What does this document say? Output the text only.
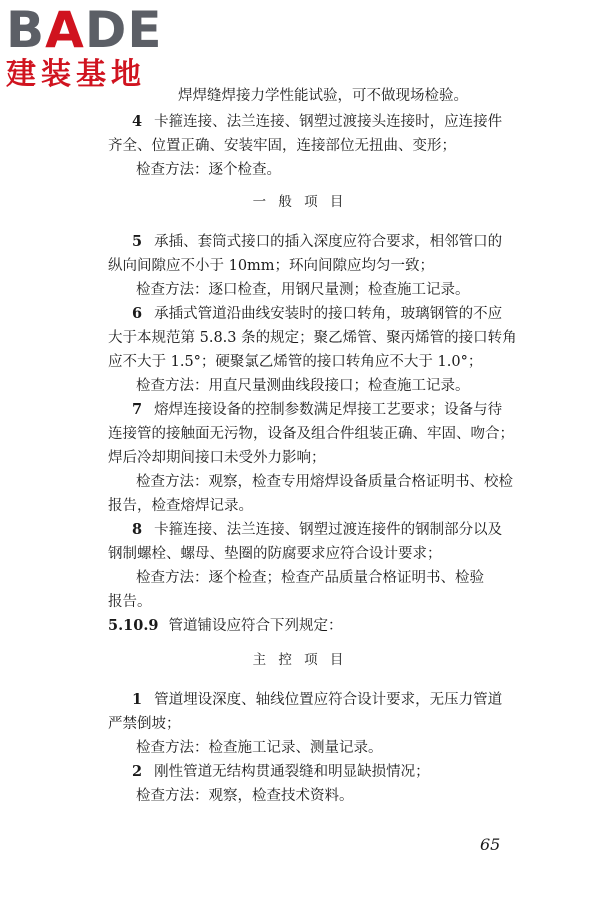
BADE
建装基地
焊焊缝焊接力学性能试验，可不做现场检验。
4 卡箍连接、法兰连接、钢塑过渡接头连接时，应连接件
齐全、位置正确、安装牢固，连接部位无扭曲、变形；
检查方法：逐个检查。
一 般 项 目
5 承插、套筒式接口的插入深度应符合要求，相邻管口的
纵向间隙应不小于 10mm；环向间隙应均匀一致；
检查方法：逐口检查，用钢尺量测；检查施工记录。
6 承插式管道沿曲线安装时的接口转角，玻璃钢管的不应
大于本规范第 5.8.3 条的规定；聚乙烯管、聚丙烯管的接口转角
应不大于 1.5°；硬聚氯乙烯管的接口转角应不大于 1.0°；
检查方法：用直尺量测曲线段接口；检查施工记录。
7 熔焊连接设备的控制参数满足焊接工艺要求；设备与待
连接管的接触面无污物，设备及组合件组装正确、牢固、吻合；
焊后冷却期间接口未受外力影响；
检查方法：观察，检查专用熔焊设备质量合格证明书、校检
报告，检查熔焊记录。
8 卡箍连接、法兰连接、钢塑过渡连接件的钢制部分以及
钢制螺栓、螺母、垫圈的防腐要求应符合设计要求；
检查方法：逐个检查；检查产品质量合格证明书、检验
报告。
5.10.9 管道铺设应符合下列规定：
主 控 项 目
1 管道埋设深度、轴线位置应符合设计要求，无压力管道
严禁倒坡；
检查方法：检查施工记录、测量记录。
2 刚性管道无结构贯通裂缝和明显缺损情况；
检查方法：观察，检查技术资料。
65
